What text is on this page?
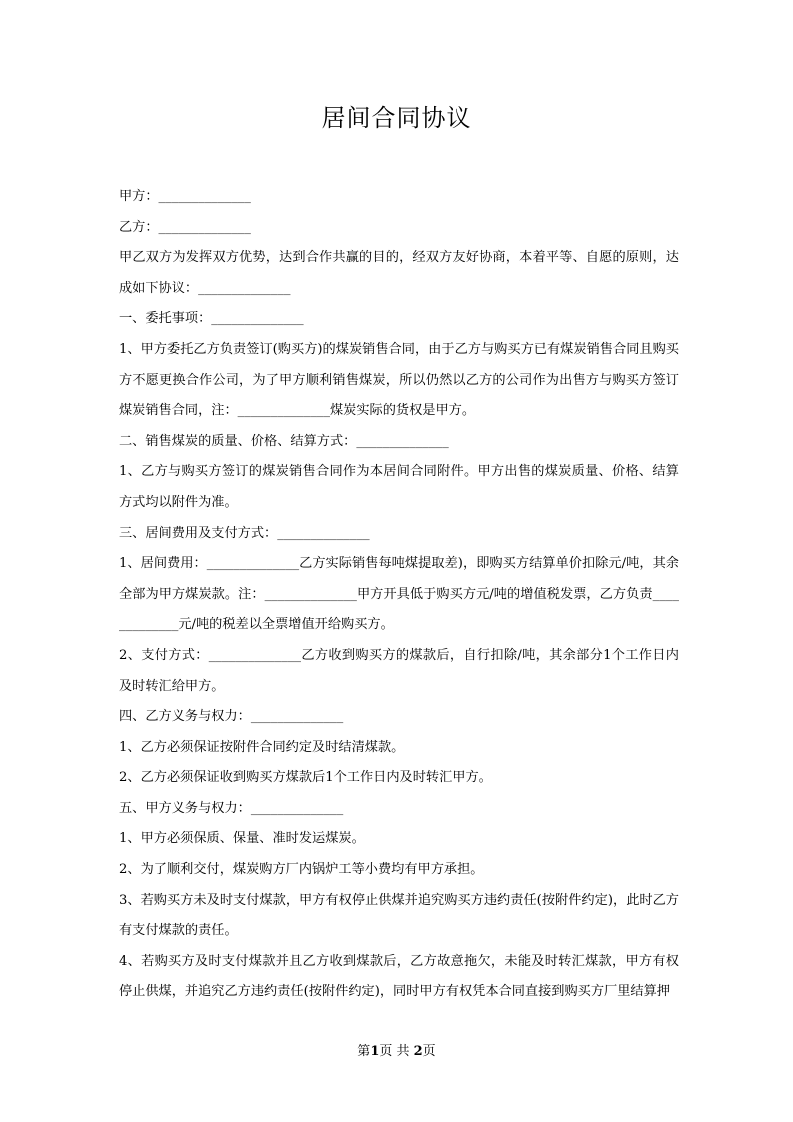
居间合同协议

甲方：______________

乙方：______________

甲乙双方为发挥双方优势，达到合作共赢的目的，经双方友好协商，本着平等、自愿的原则，达成如下协议：______________

一、委托事项：______________

1、甲方委托乙方负责签订(购买方)的煤炭销售合同，由于乙方与购买方已有煤炭销售合同且购买方不愿更换合作公司，为了甲方顺利销售煤炭，所以仍然以乙方的公司作为出售方与购买方签订煤炭销售合同，注：______________煤炭实际的货权是甲方。

二、销售煤炭的质量、价格、结算方式：______________

1、乙方与购买方签订的煤炭销售合同作为本居间合同附件。甲方出售的煤炭质量、价格、结算方式均以附件为准。

三、居间费用及支付方式：______________

1、居间费用：______________乙方实际销售每吨煤提取差)，即购买方结算单价扣除元/吨，其余全部为甲方煤炭款。注：______________甲方开具低于购买方元/吨的增值税发票，乙方负责_____________元/吨的税差以全票增值开给购买方。

2、支付方式：______________乙方收到购买方的煤款后，自行扣除/吨，其余部分1个工作日内及时转汇给甲方。

四、乙方义务与权力：______________

1、乙方必须保证按附件合同约定及时结清煤款。

2、乙方必须保证收到购买方煤款后1个工作日内及时转汇甲方。

五、甲方义务与权力：______________

1、甲方必须保质、保量、准时发运煤炭。

2、为了顺利交付，煤炭购方厂内锅炉工等小费均有甲方承担。

3、若购买方未及时支付煤款，甲方有权停止供煤并追究购买方违约责任(按附件约定)，此时乙方有支付煤款的责任。

4、若购买方及时支付煤款并且乙方收到煤款后，乙方故意拖欠，未能及时转汇煤款，甲方有权停止供煤，并追究乙方违约责任(按附件约定)，同时甲方有权凭本合同直接到购买方厂里结算押

第1页 共 2页
